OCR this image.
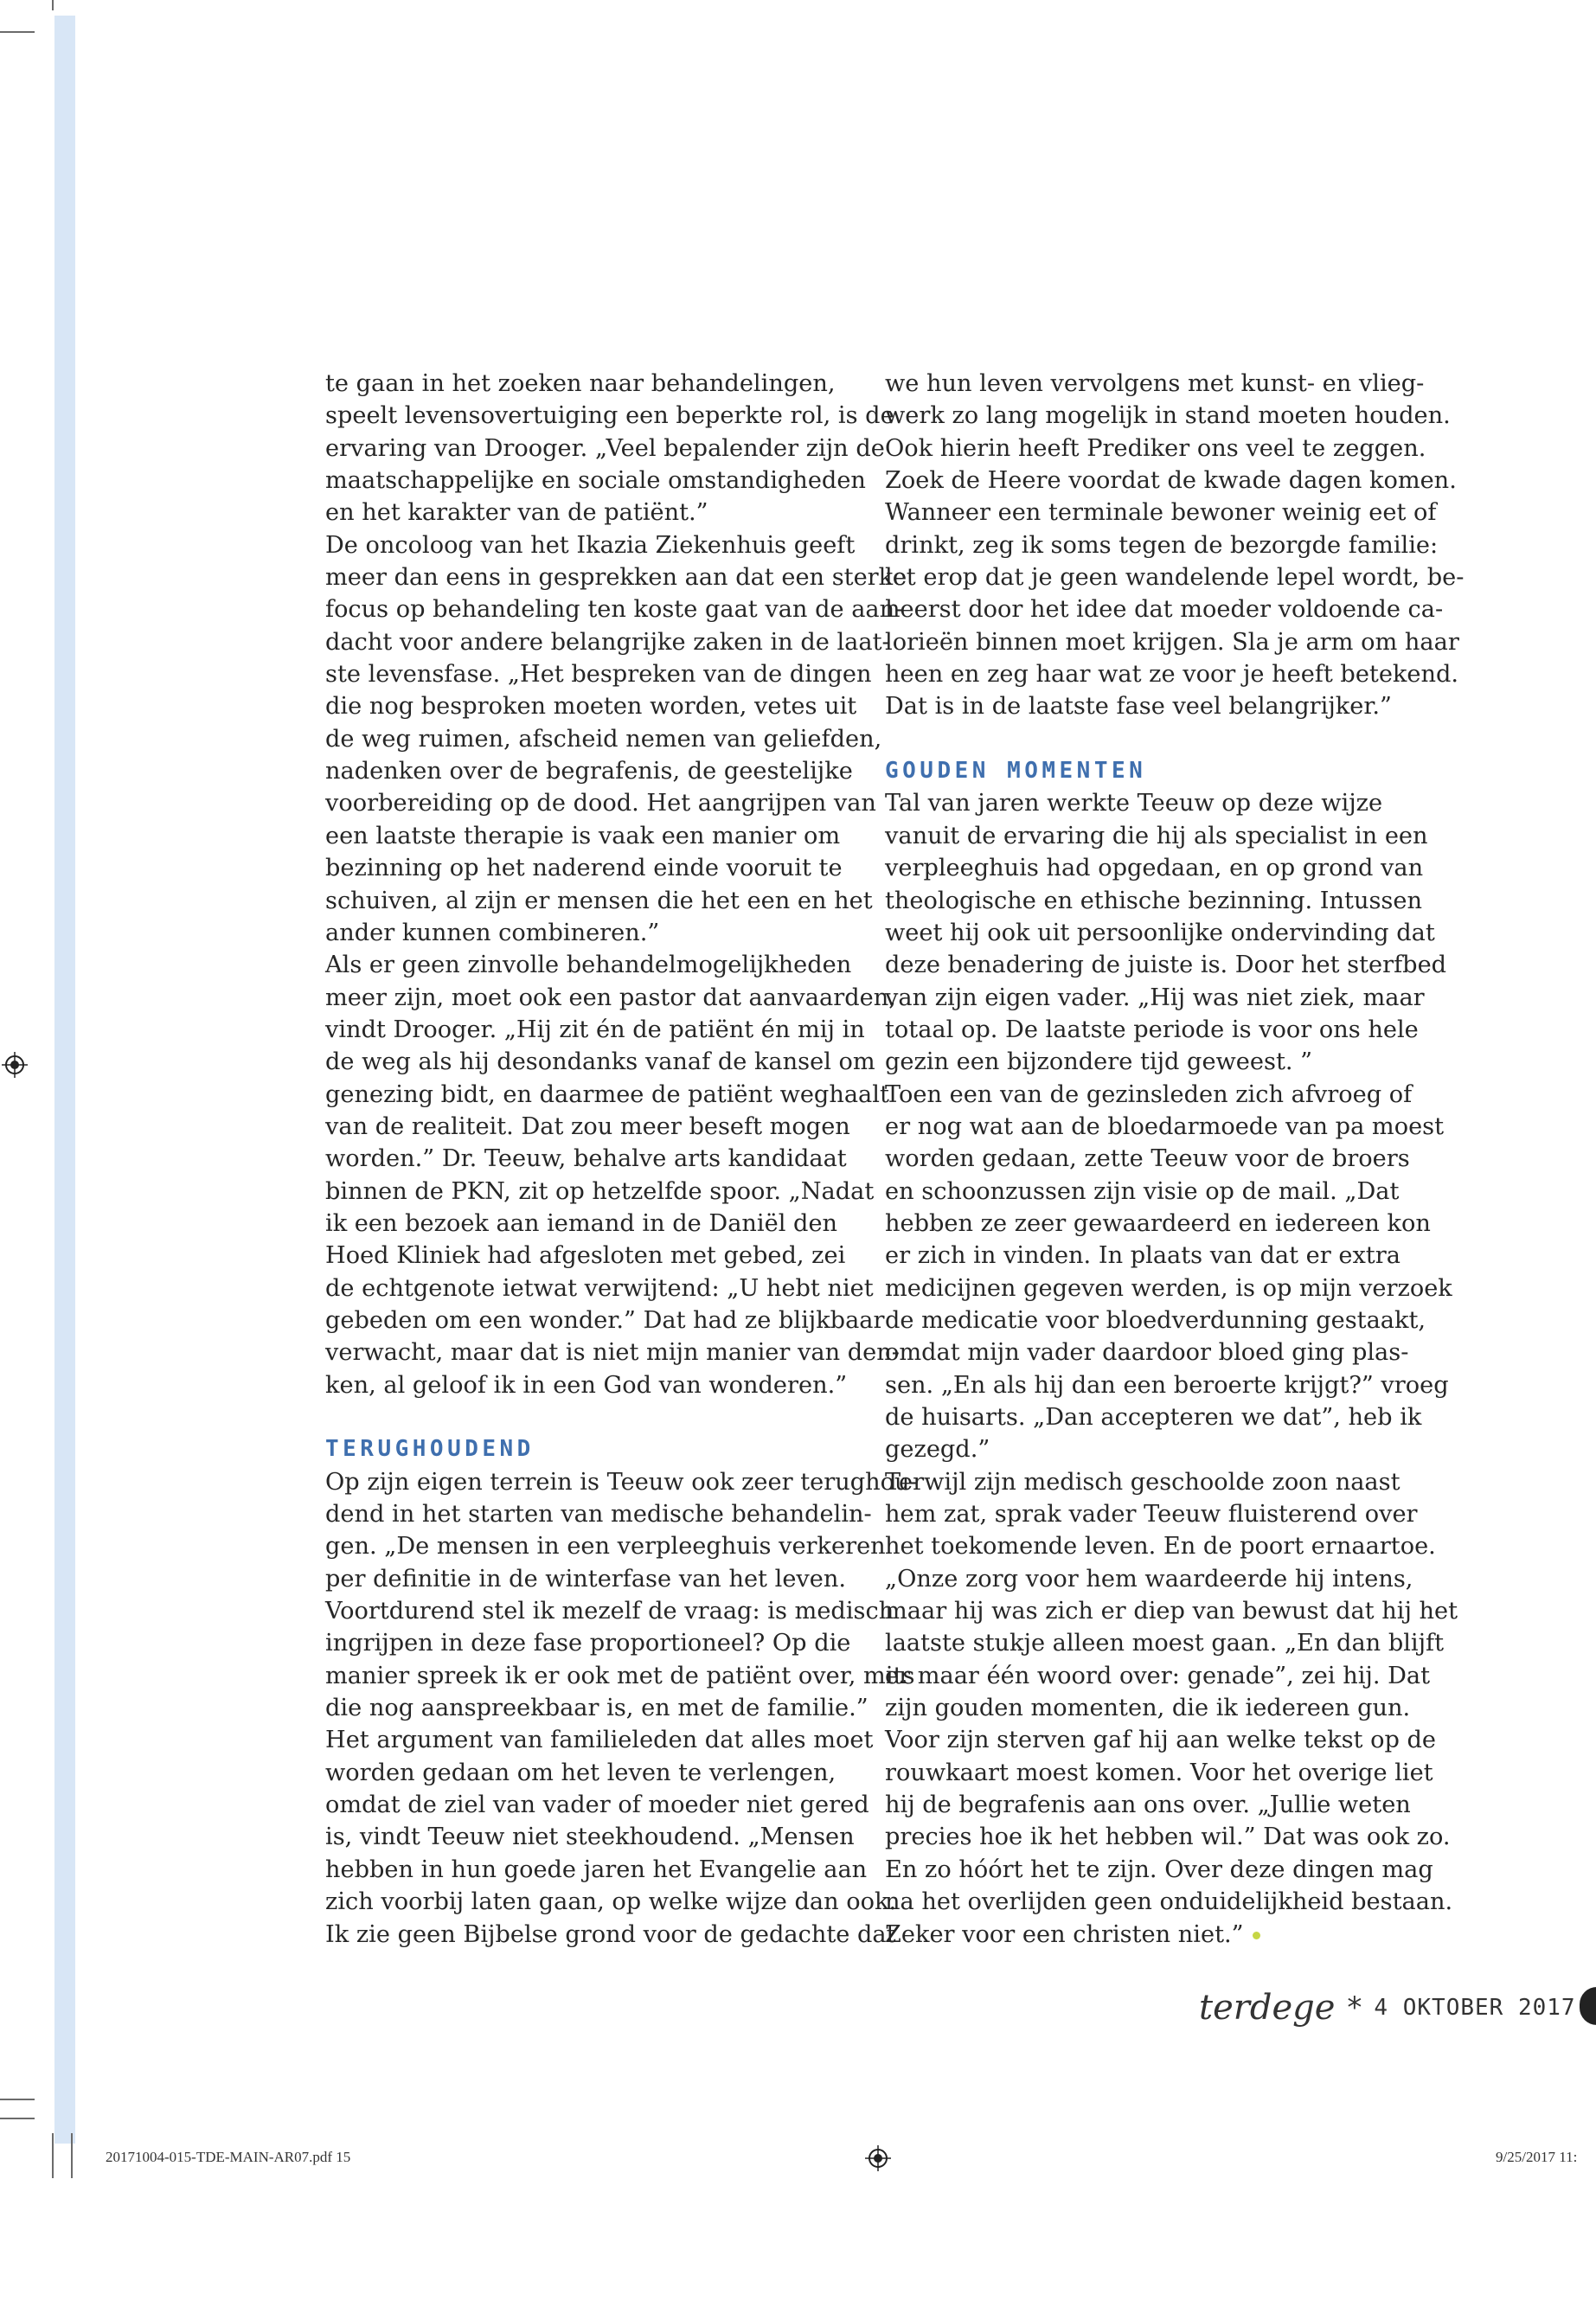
te gaan in het zoeken naar behandelingen,
speelt levensovertuiging een beperkte rol, is de
ervaring van Drooger. „Veel bepalender zijn de
maatschappelijke en sociale omstandigheden
en het karakter van de patiënt.”
De oncoloog van het Ikazia Ziekenhuis geeft
meer dan eens in gesprekken aan dat een sterke
focus op behandeling ten koste gaat van de aan-
dacht voor andere belangrijke zaken in de laat-
ste levensfase. „Het bespreken van de dingen
die nog besproken moeten worden, vetes uit
de weg ruimen, afscheid nemen van geliefden,
nadenken over de begrafenis, de geestelijke
voorbereiding op de dood. Het aangrijpen van
een laatste therapie is vaak een manier om
bezinning op het naderend einde vooruit te
schuiven, al zijn er mensen die het een en het
ander kunnen combineren.”
Als er geen zinvolle behandelmogelijkheden
meer zijn, moet ook een pastor dat aanvaarden,
vindt Drooger. „Hij zit én de patiënt én mij in
de weg als hij desondanks vanaf de kansel om
genezing bidt, en daarmee de patiënt weghaalt
van de realiteit. Dat zou meer beseft mogen
worden.” Dr. Teeuw, behalve arts kandidaat
binnen de PKN, zit op hetzelfde spoor. „Nadat
ik een bezoek aan iemand in de Daniël den
Hoed Kliniek had afgesloten met gebed, zei
de echtgenote ietwat verwijtend: „U hebt niet
gebeden om een wonder.” Dat had ze blijkbaar
verwacht, maar dat is niet mijn manier van den-
ken, al geloof ik in een God van wonderen.”
TERUGHOUDEND
Op zijn eigen terrein is Teeuw ook zeer terughou-
dend in het starten van medische behandelin-
gen. „De mensen in een verpleeghuis verkeren
per definitie in de winterfase van het leven.
Voortdurend stel ik mezelf de vraag: is medisch
ingrijpen in deze fase proportioneel? Op die
manier spreek ik er ook met de patiënt over, mits
die nog aanspreekbaar is, en met de familie.”
Het argument van familieleden dat alles moet
worden gedaan om het leven te verlengen,
omdat de ziel van vader of moeder niet gered
is, vindt Teeuw niet steekhoudend. „Mensen
hebben in hun goede jaren het Evangelie aan
zich voorbij laten gaan, op welke wijze dan ook.
Ik zie geen Bijbelse grond voor de gedachte dat
we hun leven vervolgens met kunst- en vlieg-
werk zo lang mogelijk in stand moeten houden.
Ook hierin heeft Prediker ons veel te zeggen.
Zoek de Heere voordat de kwade dagen komen.
Wanneer een terminale bewoner weinig eet of
drinkt, zeg ik soms tegen de bezorgde familie:
let erop dat je geen wandelende lepel wordt, be-
heerst door het idee dat moeder voldoende ca-
lorieën binnen moet krijgen. Sla je arm om haar
heen en zeg haar wat ze voor je heeft betekend.
Dat is in de laatste fase veel belangrijker.”
GOUDEN MOMENTEN
Tal van jaren werkte Teeuw op deze wijze
vanuit de ervaring die hij als specialist in een
verpleeghuis had opgedaan, en op grond van
theologische en ethische bezinning. Intussen
weet hij ook uit persoonlijke ondervinding dat
deze benadering de juiste is. Door het sterfbed
van zijn eigen vader. „Hij was niet ziek, maar
totaal op. De laatste periode is voor ons hele
gezin een bijzondere tijd geweest. ”
Toen een van de gezinsleden zich afvroeg of
er nog wat aan de bloedarmoede van pa moest
worden gedaan, zette Teeuw voor de broers
en schoonzussen zijn visie op de mail. „Dat
hebben ze zeer gewaardeerd en iedereen kon
er zich in vinden. In plaats van dat er extra
medicijnen gegeven werden, is op mijn verzoek
de medicatie voor bloedverdunning gestaakt,
omdat mijn vader daardoor bloed ging plas-
sen. „En als hij dan een beroerte krijgt?” vroeg
de huisarts. „Dan accepteren we dat”, heb ik
gezegd.”
Terwijl zijn medisch geschoolde zoon naast
hem zat, sprak vader Teeuw fluisterend over
het toekomende leven. En de poort ernaartoe.
„Onze zorg voor hem waardeerde hij intens,
maar hij was zich er diep van bewust dat hij het
laatste stukje alleen moest gaan. „En dan blijft
er maar één woord over: genade”, zei hij. Dat
zijn gouden momenten, die ik iedereen gun.
Voor zijn sterven gaf hij aan welke tekst op de
rouwkaart moest komen. Voor het overige liet
hij de begrafenis aan ons over. „Jullie weten
precies hoe ik het hebben wil.” Dat was ook zo.
En zo hóórt het te zijn. Over deze dingen mag
na het overlijden geen onduidelijkheid bestaan.
Zeker voor een christen niet.”
terdege * 4 OKTOBER 2017
20171004-015-TDE-MAIN-AR07.pdf 15	9/25/2017 11:
